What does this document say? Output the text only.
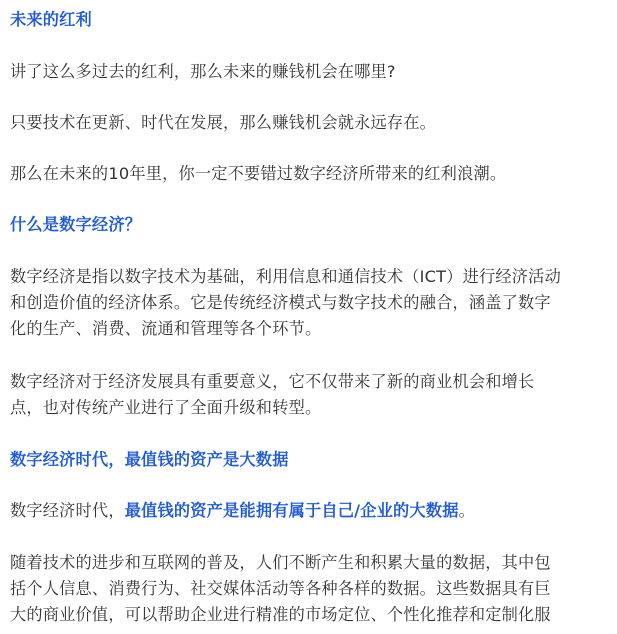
未来的红利
讲了这么多过去的红利，那么未来的赚钱机会在哪里?
只要技术在更新、时代在发展，那么赚钱机会就永远存在。
那么在未来的10年里，你一定不要错过数字经济所带来的红利浪潮。
什么是数字经济？
数字经济是指以数字技术为基础，利用信息和通信技术（ICT）进行经济活动
和创造价值的经济体系。它是传统经济模式与数字技术的融合，涵盖了数字
化的生产、消费、流通和管理等各个环节。
数字经济对于经济发展具有重要意义，它不仅带来了新的商业机会和增长
点，也对传统产业进行了全面升级和转型。
数字经济时代，最值钱的资产是大数据
数字经济时代，最值钱的资产是能拥有属于自己/企业的大数据。
随着技术的进步和互联网的普及，人们不断产生和积累大量的数据，其中包
括个人信息、消费行为、社交媒体活动等各种各样的数据。这些数据具有巨
大的商业价值，可以帮助企业进行精准的市场定位、个性化推荐和定制化服
